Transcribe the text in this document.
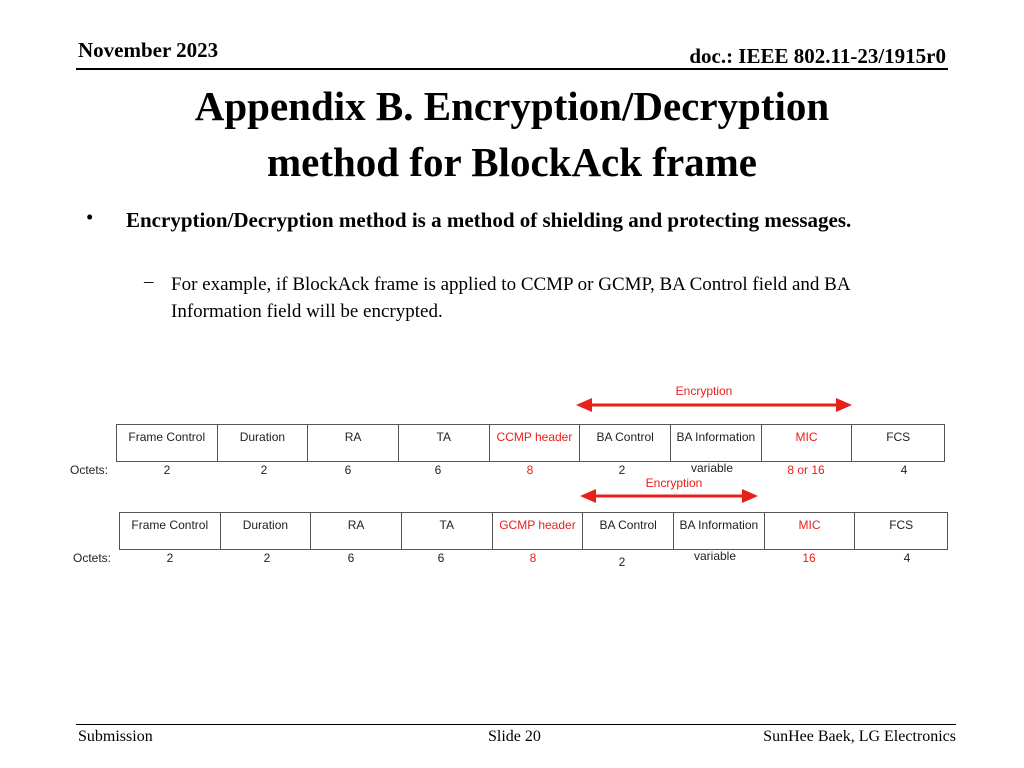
November 2023	doc.: IEEE 802.11-23/1915r0
Appendix B. Encryption/Decryption
method for BlockAck frame
• Encryption/Decryption method is a method of shielding and protecting messages.
– For example, if BlockAck frame is applied to CCMP or GCMP, BA Control field and BA Information field will be encrypted.
Encryption
Encryption
Frame Control	Duration	RA	TA	CCMP header	BA Control	BA Information	MIC	FCS
Octets:	2	2	6	6	8	2	variable	8 or 16	4
Frame Control	Duration	RA	TA	GCMP header	BA Control	BA Information	MIC	FCS
Octets:	2	2	6	6	8	2	variable	16	4
Submission	Slide 20	SunHee Baek, LG Electronics
